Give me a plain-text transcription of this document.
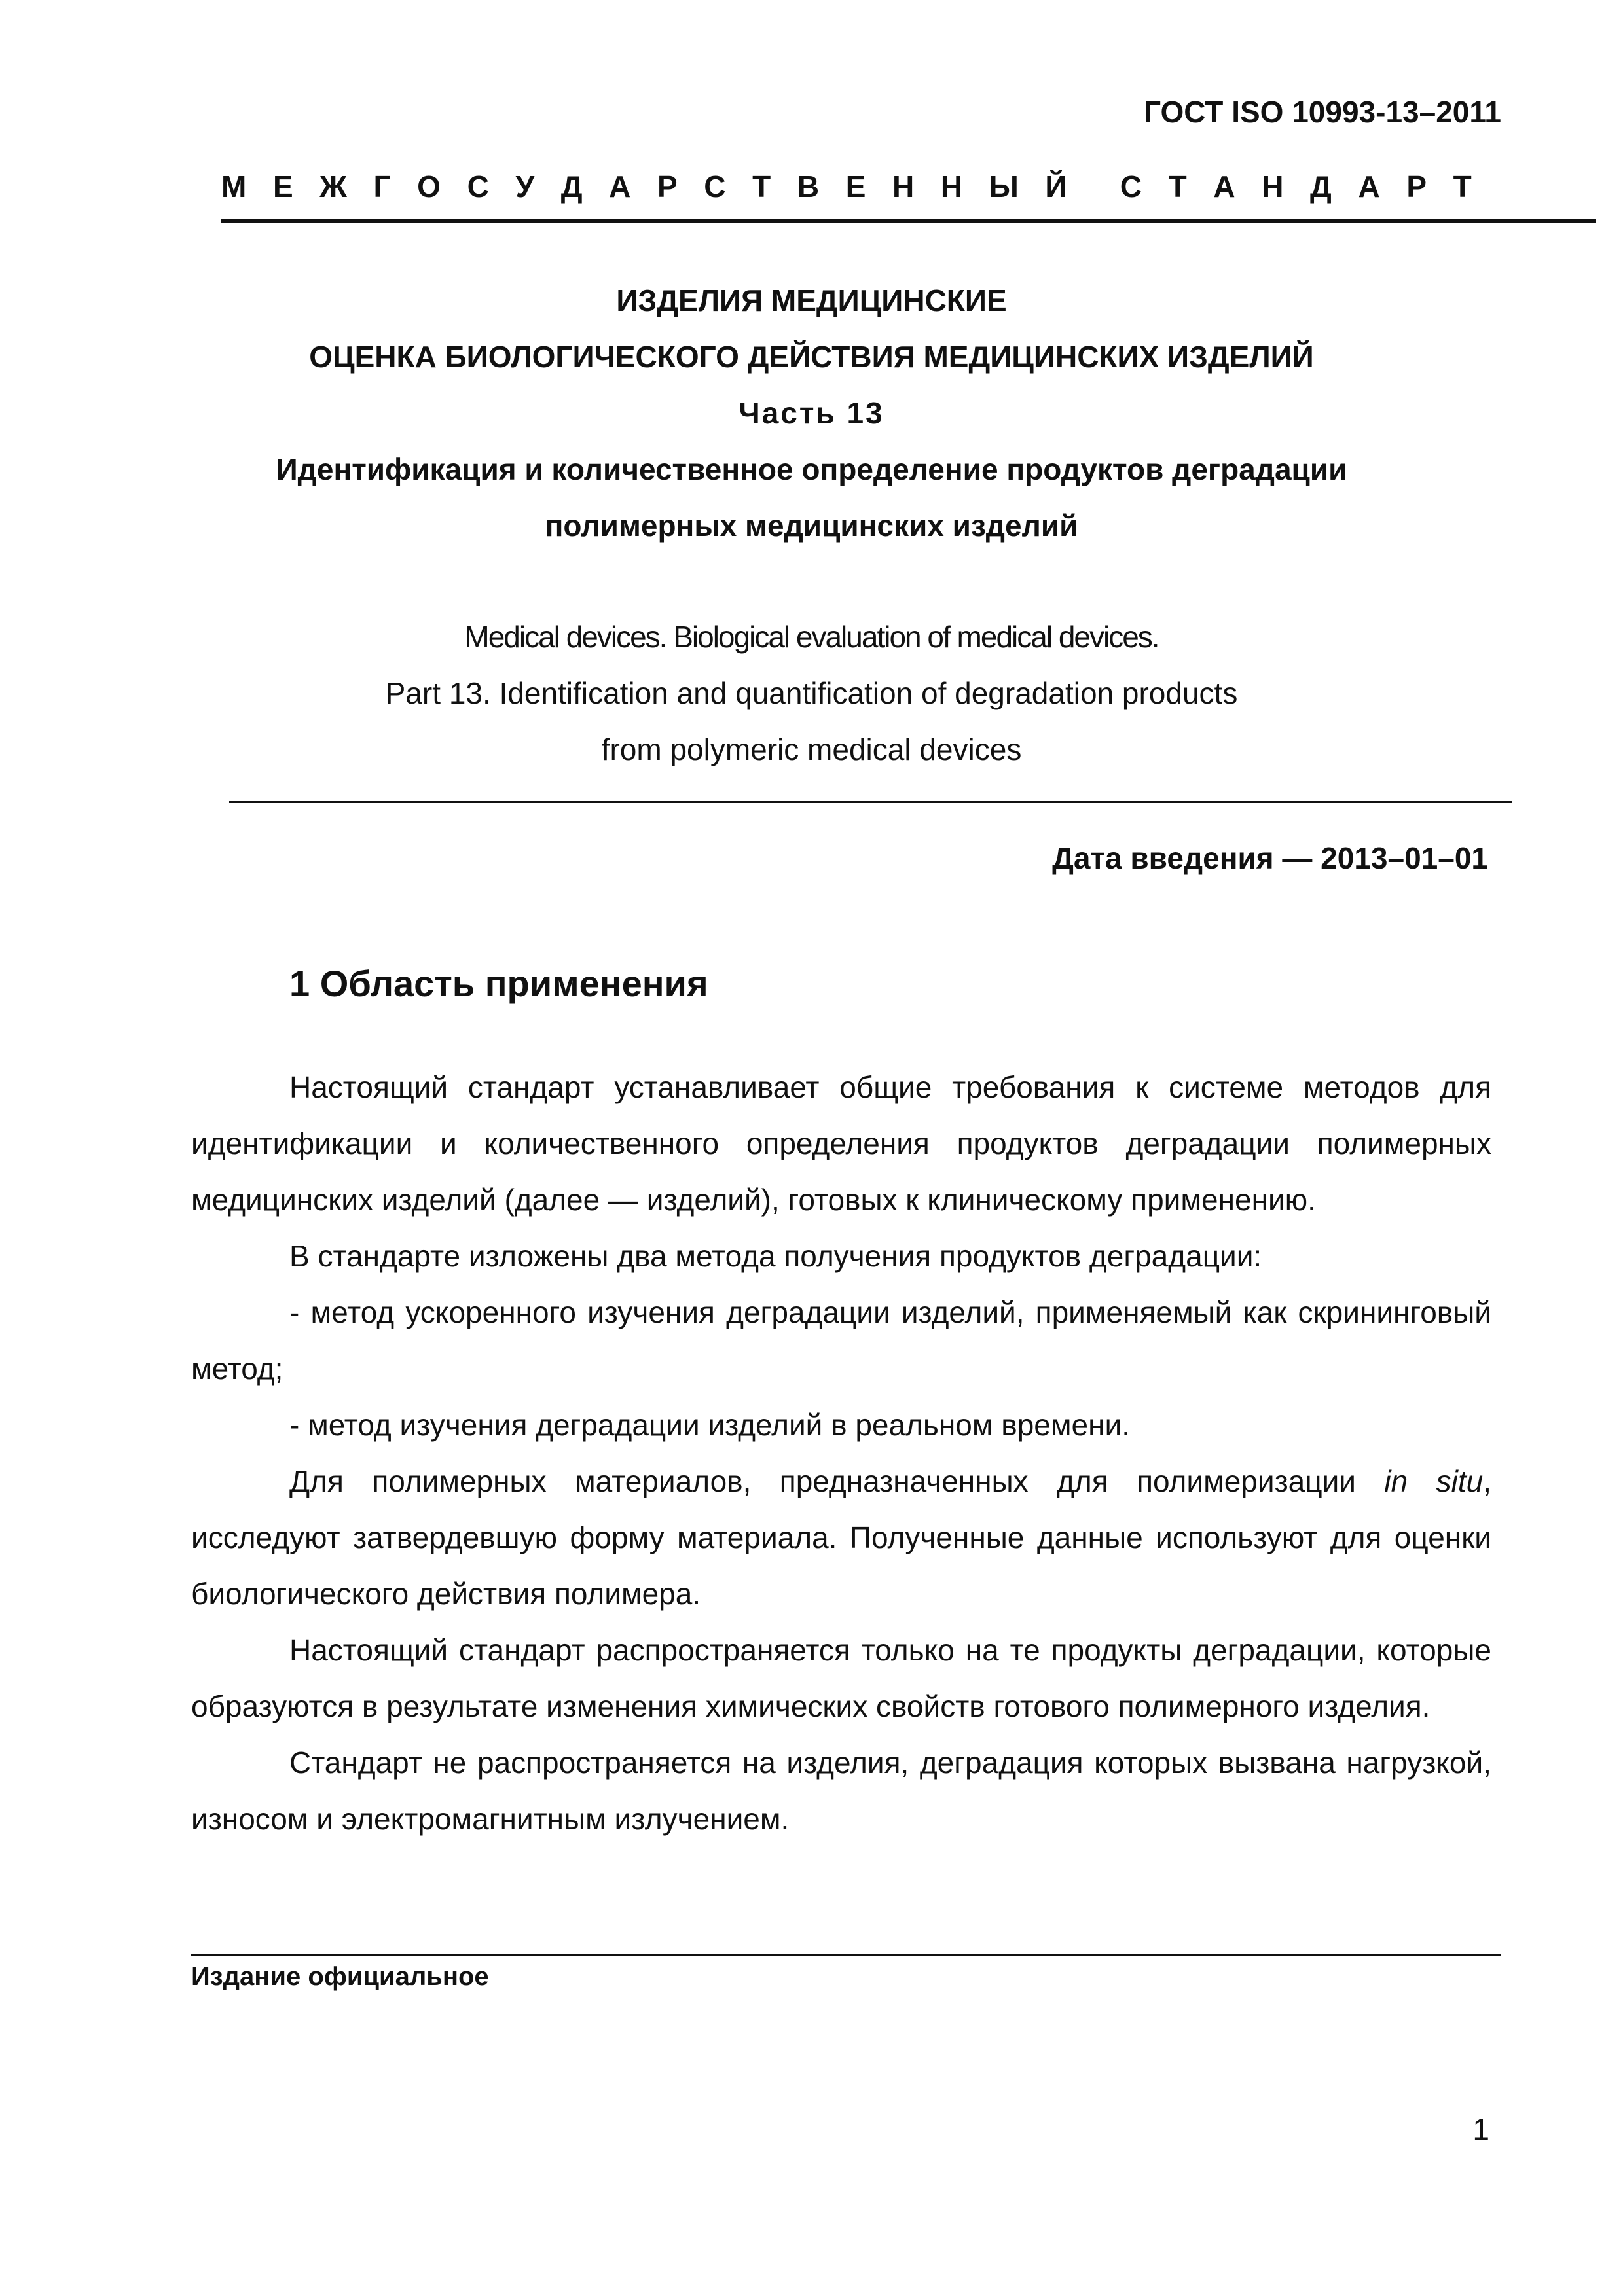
ГОСТ ISO 10993-13–2011
М Е Ж Г О С У Д А Р С Т В Е Н Н Ы Й С Т А Н Д А Р Т
ИЗДЕЛИЯ МЕДИЦИНСКИЕ
ОЦЕНКА БИОЛОГИЧЕСКОГО ДЕЙСТВИЯ МЕДИЦИНСКИХ ИЗДЕЛИЙ
Часть 13
Идентификация и количественное определение продуктов деградации
полимерных медицинских изделий
Medical devices. Biological evaluation of medical devices.
Part 13. Identification and quantification of degradation products
from polymeric medical devices
Дата введения — 2013–01–01
1 Область применения

Настоящий стандарт устанавливает общие требования к системе методов для идентификации и количественного определения продуктов деградации полимерных медицинских изделий (далее — изделий), готовых к клиническому применению.

В стандарте изложены два метода получения продуктов деградации:

- метод ускоренного изучения деградации изделий, применяемый как скрининговый метод;

- метод изучения деградации изделий в реальном времени.

Для полимерных материалов, предназначенных для полимеризации in situ, исследуют затвердевшую форму материала. Полученные данные используют для оценки биологического действия полимера.

Настоящий стандарт распространяется только на те продукты деградации, которые образуются в результате изменения химических свойств готового полимерного изделия.

Стандарт не распространяется на изделия, деградация которых вызвана нагрузкой, износом и электромагнитным излучением.

Издание официальное
1
